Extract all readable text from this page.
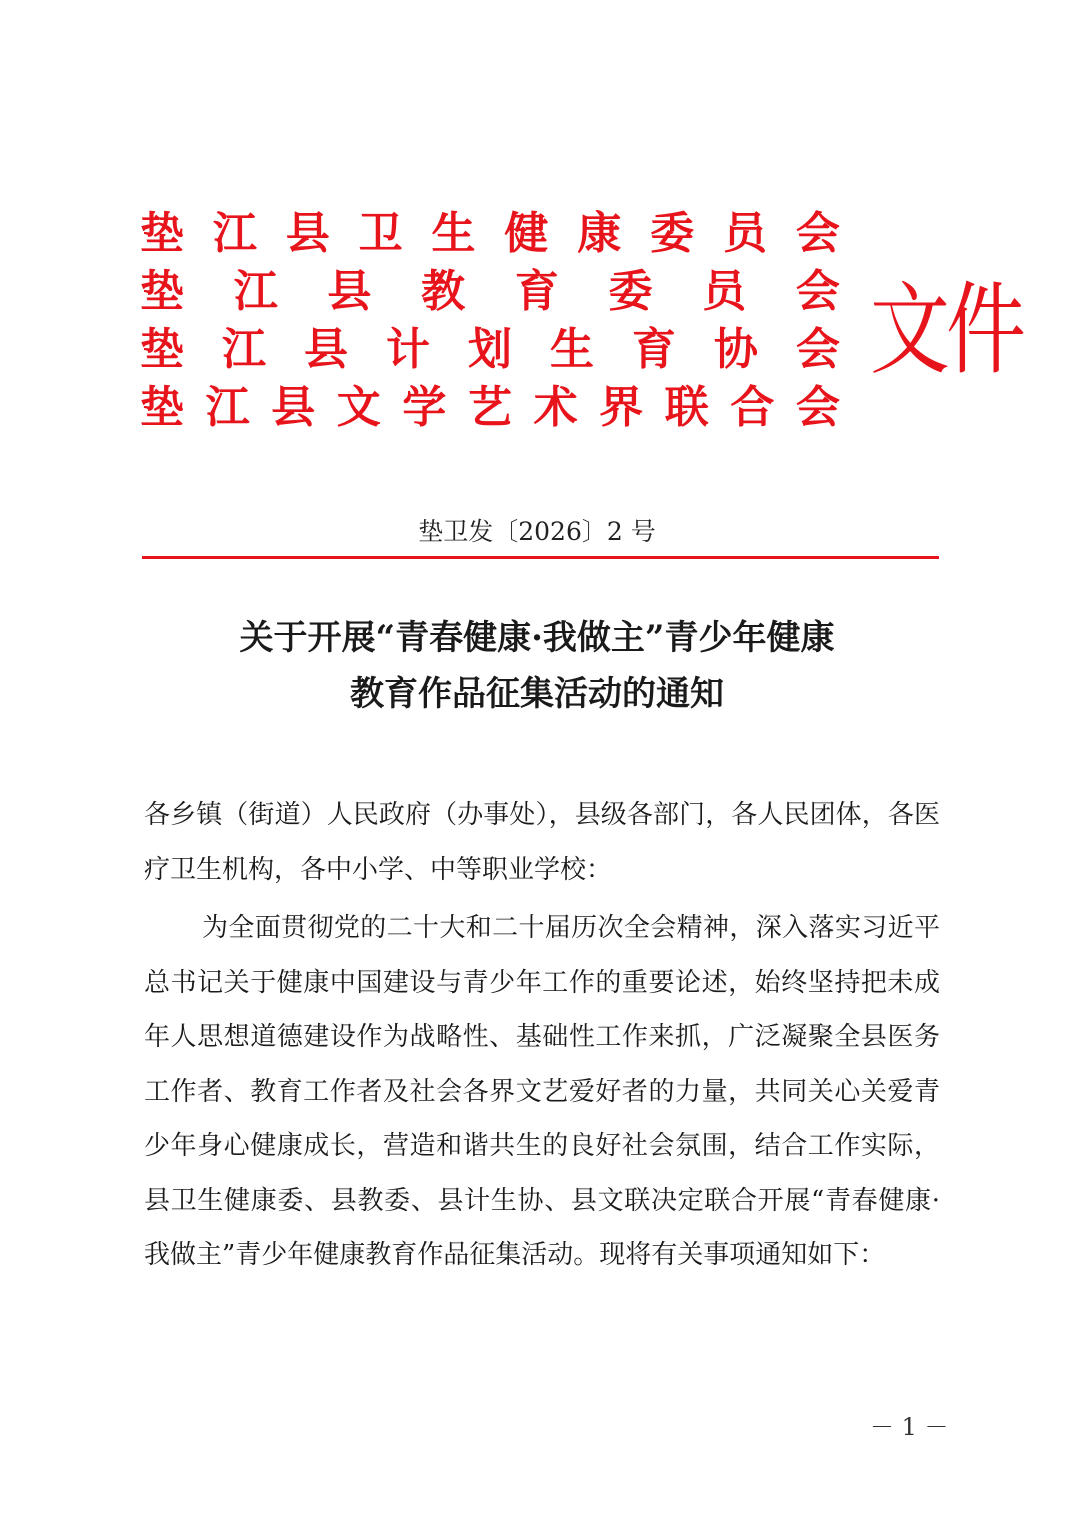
垫 江 县 卫 生 健 康 委 员 会
垫 江 县 教 育 委 员 会
垫 江 县 计 划 生 育 协 会
垫 江 县 文 学 艺 术 界 联 合 会
文件
垫卫发〔2026〕2 号
关于开展“青春健康·我做主”青少年健康
教育作品征集活动的通知

各乡镇（街道）人民政府（办事处），县级各部门，各人民团体，各医疗卫生机构，各中小学、中等职业学校：

为全面贯彻党的二十大和二十届历次全会精神，深入落实习近平总书记关于健康中国建设与青少年工作的重要论述，始终坚持把未成年人思想道德建设作为战略性、基础性工作来抓，广泛凝聚全县医务工作者、教育工作者及社会各界文艺爱好者的力量，共同关心关爱青少年身心健康成长，营造和谐共生的良好社会氛围，结合工作实际，县卫生健康委、县教委、县计生协、县文联决定联合开展“青春健康·我做主”青少年健康教育作品征集活动。现将有关事项通知如下：

－ 1 －
